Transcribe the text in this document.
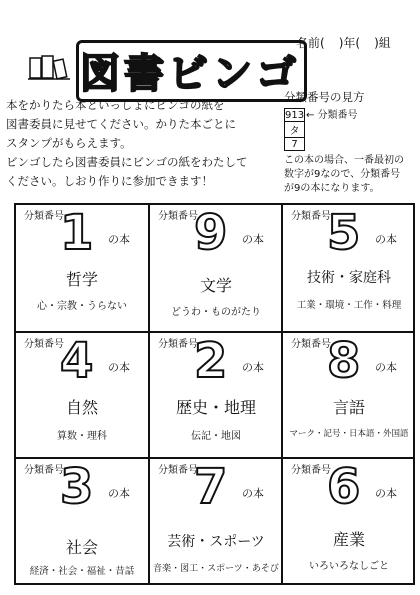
図書ビンゴ
名前( )年( )組
本をかりたら本といっしょにビンゴの紙を
図書委員に見せてください。かりた本ごとに
スタンプがもらえます。
ビンゴしたら図書委員にビンゴの紙をわたして
ください。しおり作りに参加できます！
分類番号の見方
913
タ
7
← 分類番号
この本の場合、一番最初の
数字が9なので、分類番号
が9の本になります。
分類番号
1 の本
哲学
心・宗教・うらない
分類番号
9 の本
文学
どうわ・ものがたり
分類番号
5 の本
技術・家庭科
工業・環境・工作・料理
分類番号
4 の本
自然
算数・理科
分類番号
2 の本
歴史・地理
伝記・地図
分類番号
8 の本
言語
マーク・記号・日本語・外国語
分類番号
3 の本
社会
経済・社会・福祉・昔話
分類番号
7 の本
芸術・スポーツ
音楽・図工・スポーツ・あそび
分類番号
6 の本
産業
いろいろなしごと
